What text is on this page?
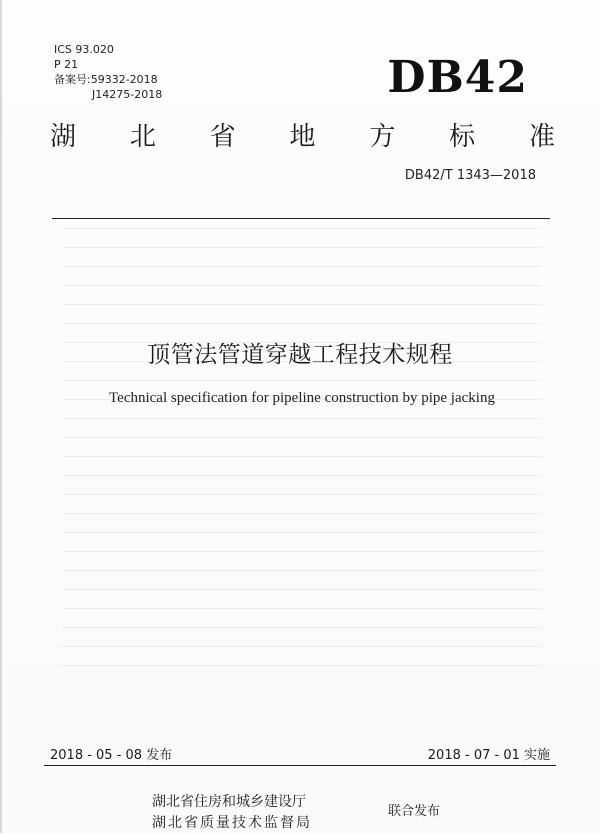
ICS 93.020
P 21
备案号:59332-2018
J14275-2018	DB42
湖 北 省 地 方 标 准
DB42/T 1343—2018
顶管法管道穿越工程技术规程
Technical specification for pipeline construction by pipe jacking
2018 - 05 - 08 发布	2018 - 07 - 01 实施
湖北省住房和城乡建设厅
湖北省质量技术监督局
联合发布
